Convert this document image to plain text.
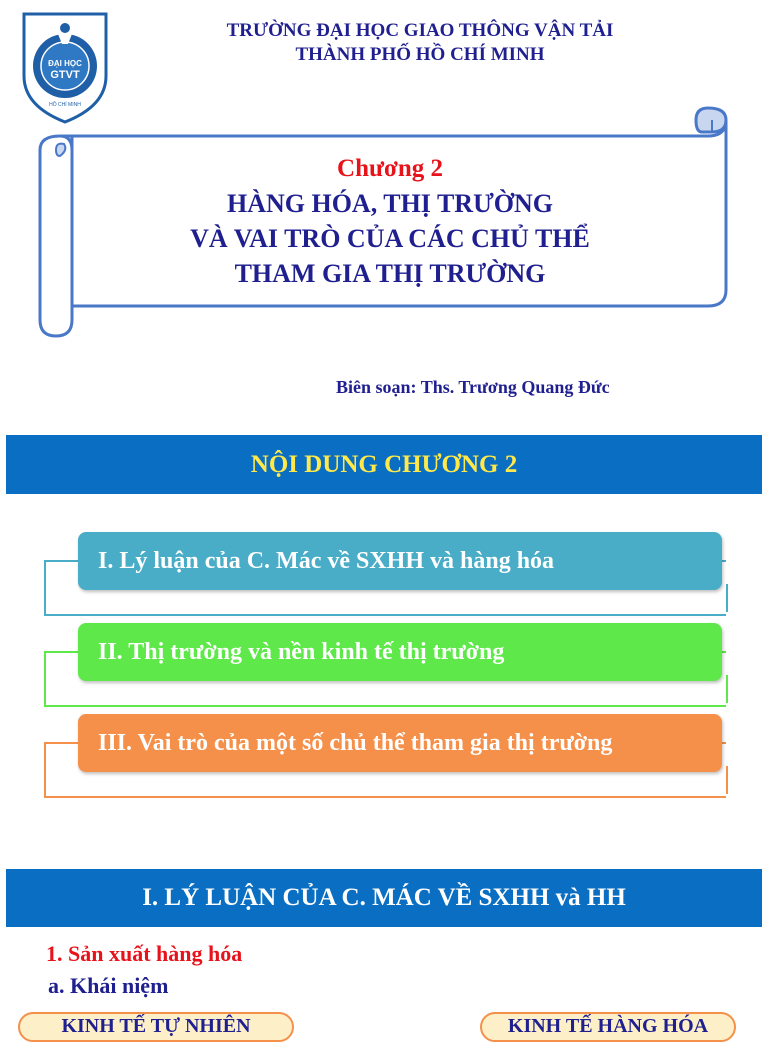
ĐẠI HỌC
GTVT
HỒ CHÍ MINH
TRƯỜNG ĐẠI HỌC GIAO THÔNG VẬN TẢI
THÀNH PHỐ HỒ CHÍ MINH
Chương 2
HÀNG HÓA, THỊ TRƯỜNG
VÀ VAI TRÒ CỦA CÁC CHỦ THỂ
THAM GIA THỊ TRƯỜNG
Biên soạn: Ths. Trương Quang Đức
NỘI DUNG CHƯƠNG 2
I. Lý luận của C. Mác về SXHH và hàng hóa
II. Thị trường và nền kinh tế thị trường
III. Vai trò của một số chủ thể tham gia thị trường
I. LÝ LUẬN CỦA C. MÁC VỀ SXHH và HH
1. Sản xuất hàng hóa
a. Khái niệm
KINH TẾ TỰ NHIÊN	KINH TẾ HÀNG HÓA
